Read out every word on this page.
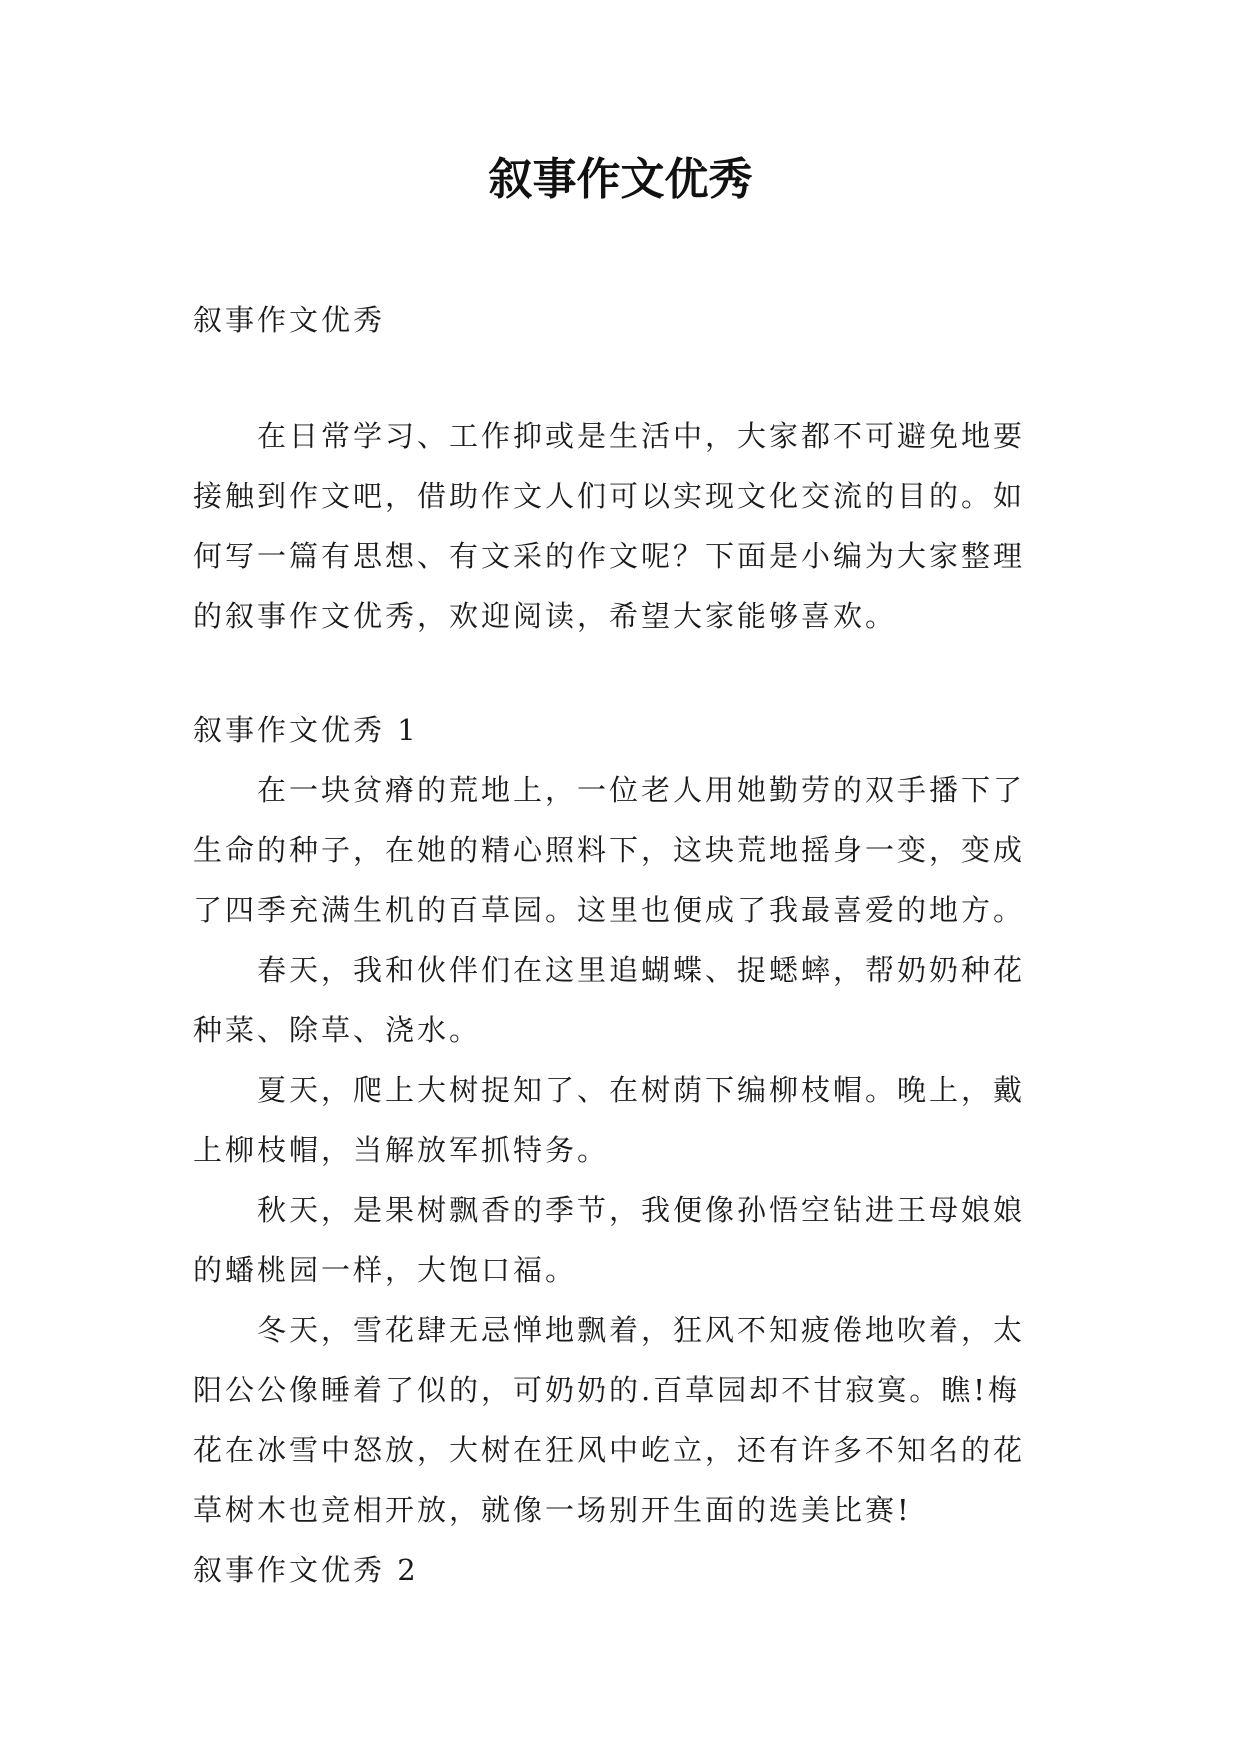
叙事作文优秀

叙事作文优秀

在日常学习、工作抑或是生活中，大家都不可避免地要

接触到作文吧，借助作文人们可以实现文化交流的目的。如

何写一篇有思想、有文采的作文呢？下面是小编为大家整理

的叙事作文优秀，欢迎阅读，希望大家能够喜欢。

叙事作文优秀 1

在一块贫瘠的荒地上，一位老人用她勤劳的双手播下了

生命的种子，在她的精心照料下，这块荒地摇身一变，变成

了四季充满生机的百草园。这里也便成了我最喜爱的地方。

春天，我和伙伴们在这里追蝴蝶、捉蟋蟀，帮奶奶种花

种菜、除草、浇水。

夏天，爬上大树捉知了、在树荫下编柳枝帽。晚上，戴

上柳枝帽，当解放军抓特务。

秋天，是果树飘香的季节，我便像孙悟空钻进王母娘娘

的蟠桃园一样，大饱口福。

冬天，雪花肆无忌惮地飘着，狂风不知疲倦地吹着，太

阳公公像睡着了似的，可奶奶的.百草园却不甘寂寞。瞧!梅

花在冰雪中怒放，大树在狂风中屹立，还有许多不知名的花

草树木也竞相开放，就像一场别开生面的选美比赛!

叙事作文优秀 2
